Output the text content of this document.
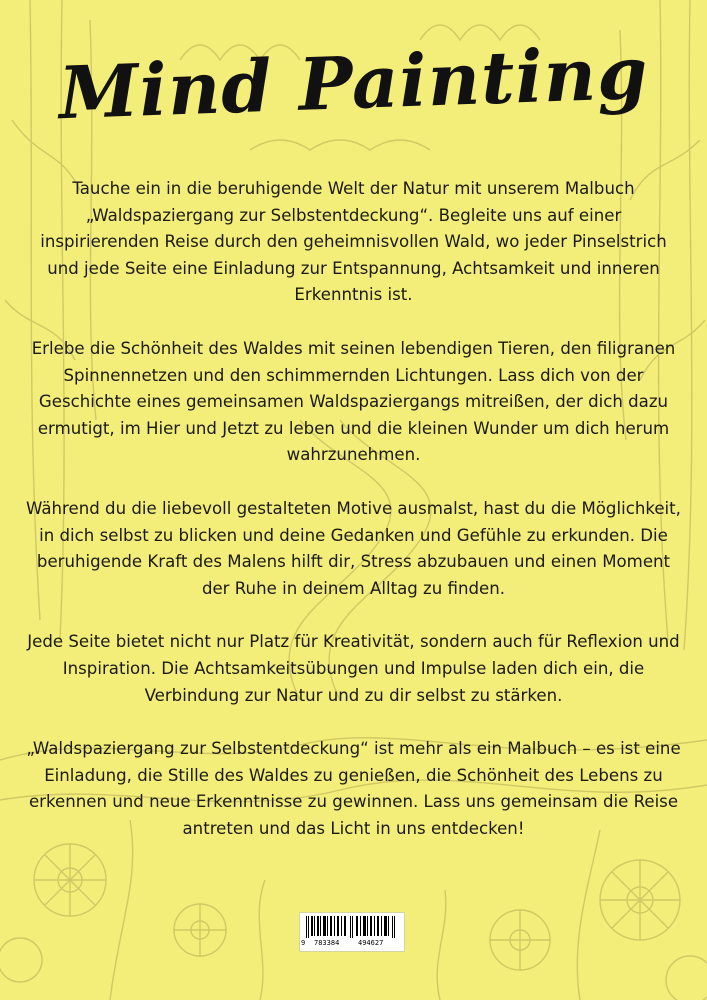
Mind Painting

Tauche ein in die beruhigende Welt der Natur mit unserem Malbuch „Waldspaziergang zur Selbstentdeckung“. Begleite uns auf einer inspirierenden Reise durch den geheimnisvollen Wald, wo jeder Pinselstrich und jede Seite eine Einladung zur Entspannung, Achtsamkeit und inneren Erkenntnis ist.

Erlebe die Schönheit des Waldes mit seinen lebendigen Tieren, den filigranen Spinnennetzen und den schimmernden Lichtungen. Lass dich von der Geschichte eines gemeinsamen Waldspaziergangs mitreißen, der dich dazu ermutigt, im Hier und Jetzt zu leben und die kleinen Wunder um dich herum wahrzunehmen.

Während du die liebevoll gestalteten Motive ausmalst, hast du die Möglichkeit, in dich selbst zu blicken und deine Gedanken und Gefühle zu erkunden. Die beruhigende Kraft des Malens hilft dir, Stress abzubauen und einen Moment der Ruhe in deinem Alltag zu finden.

Jede Seite bietet nicht nur Platz für Kreativität, sondern auch für Reflexion und Inspiration. Die Achtsamkeitsübungen und Impulse laden dich ein, die Verbindung zur Natur und zu dir selbst zu stärken.

„Waldspaziergang zur Selbstentdeckung“ ist mehr als ein Malbuch – es ist eine Einladung, die Stille des Waldes zu genießen, die Schönheit des Lebens zu erkennen und neue Erkenntnisse zu gewinnen. Lass uns gemeinsam die Reise antreten und das Licht in uns entdecken!

9 783384	494627
